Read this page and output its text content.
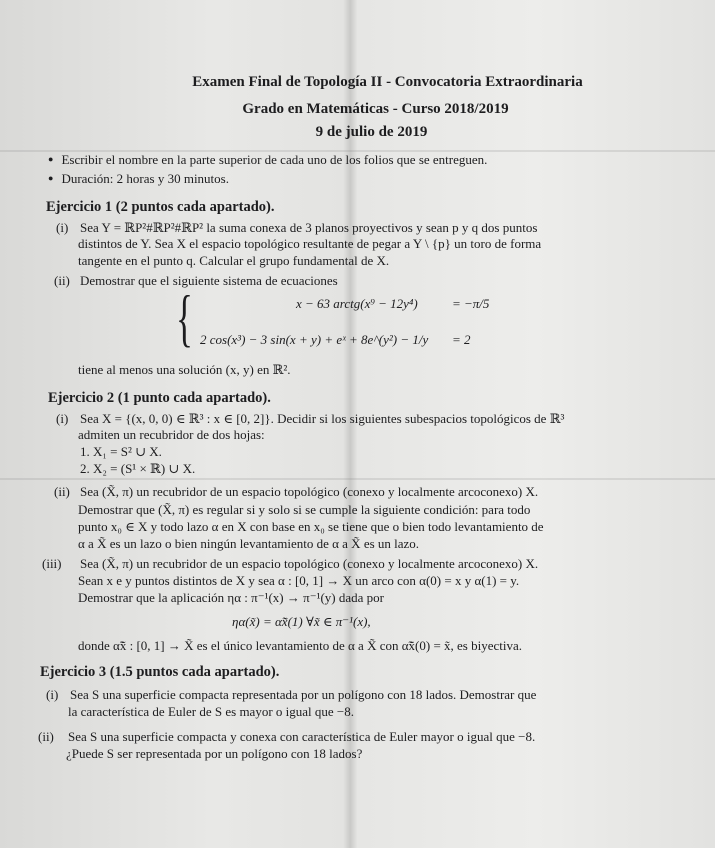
Examen Final de Topología II - Convocatoria Extraordinaria
Grado en Matemáticas - Curso 2018/2019
9 de julio de 2019
● Escribir el nombre en la parte superior de cada uno de los folios que se entreguen.
● Duración: 2 horas y 30 minutos.
Ejercicio 1 (2 puntos cada apartado).
(i) Sea Y = ℝP²#ℝP²#ℝP² la suma conexa de 3 planos proyectivos y sean p y q dos puntos
distintos de Y. Sea X el espacio topológico resultante de pegar a Y \ {p} un toro de forma
tangente en el punto q. Calcular el grupo fundamental de X.
(ii) Demostrar que el siguiente sistema de ecuaciones
{	x − 63 arctg(x⁹ − 12y⁴)	= −π/5
2 cos(x³) − 3 sin(x + y) + eˣ + 8e^(y²) − 1/y = 2
tiene al menos una solución (x, y) en ℝ².
Ejercicio 2 (1 punto cada apartado).
(i) Sea X = {(x, 0, 0) ∈ ℝ³ : x ∈ [0, 2]}. Decidir si los siguientes subespacios topológicos de ℝ³
admiten un recubridor de dos hojas:
1. X₁ = S² ∪ X.
2. X₂ = (S¹ × ℝ) ∪ X.
(ii) Sea (X̃, π) un recubridor de un espacio topológico (conexo y localmente arcoconexo) X.
Demostrar que (X̃, π) es regular si y solo si se cumple la siguiente condición: para todo
punto x₀ ∈ X y todo lazo α en X con base en x₀ se tiene que o bien todo levantamiento de
α a X̃ es un lazo o bien ningún levantamiento de α a X̃ es un lazo.
(iii) Sea (X̃, π) un recubridor de un espacio topológico (conexo y localmente arcoconexo) X.
Sean x e y puntos distintos de X y sea α : [0, 1] → X un arco con α(0) = x y α(1) = y.
Demostrar que la aplicación ηα : π⁻¹(x) → π⁻¹(y) dada por
ηα(x̃) = α̃x̃(1) ∀x̃ ∈ π⁻¹(x),
donde α̃x̃ : [0, 1] → X̃ es el único levantamiento de α a X̃ con α̃x̃(0) = x̃, es biyectiva.
Ejercicio 3 (1.5 puntos cada apartado).
(i) Sea S una superficie compacta representada por un polígono con 18 lados. Demostrar que
la característica de Euler de S es mayor o igual que −8.
(ii) Sea S una superficie compacta y conexa con característica de Euler mayor o igual que −8.
¿Puede S ser representada por un polígono con 18 lados?
